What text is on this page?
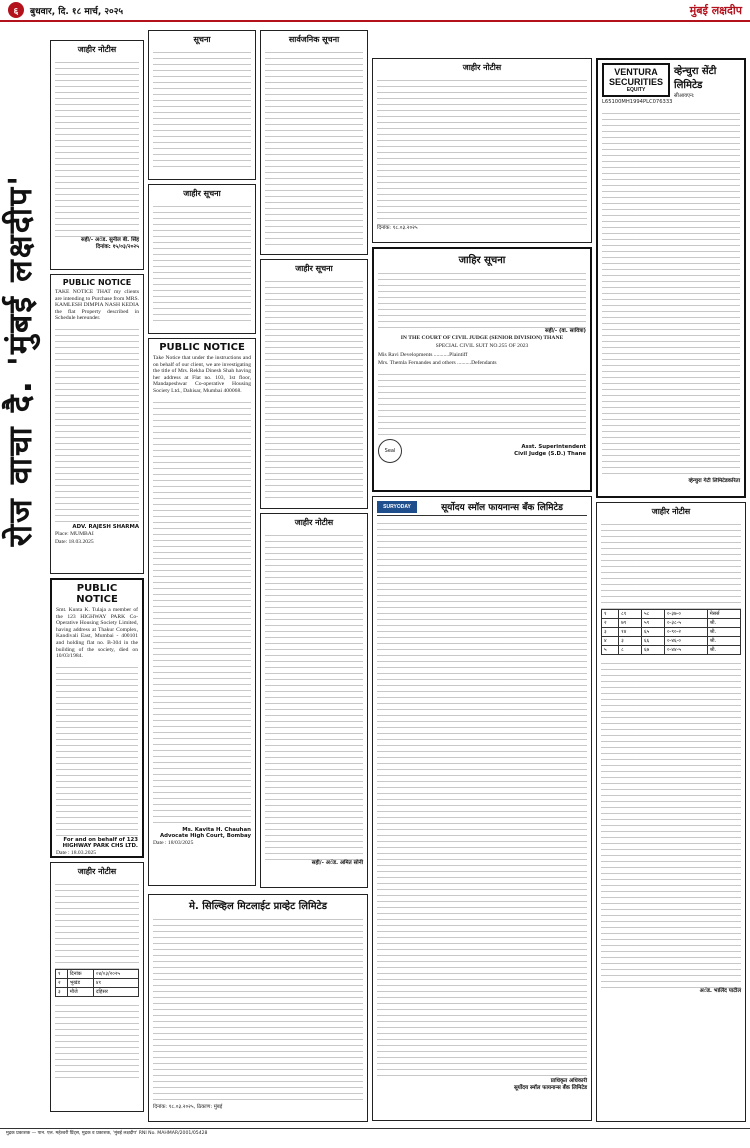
६	बुधवार, दि. १८ मार्च, २०२५	मुंबई लक्षदीप
रोज वाचा दै. 'मुंबई लक्षदीप'
जाहीर नोटीस
सही/- अॅड. सुनील बी. सिंह
दिनांक: १५/०३/२०२५
PUBLIC NOTICE

TAKE NOTICE THAT my clients are intending to Purchase from MRS. KAMLESH DIMPIA NASH KEDIA the flat Property described in Schedule hereunder.

ADV. RAJESH SHARMA
Place: MUMBAI
Date: 18.03.2025
PUBLIC NOTICE

Smt. Kunta K. Tulaja a member of the 123 HIGHWAY PARK Co-Operative Housing Society Limited, having address at Thakur Complex, Kandivali East, Mumbai - 400101 and holding flat no. B-304 in the building of the society, died on 10/03/1984.

For and on behalf of 123 HIGHWAY PARK CHS LTD.
Date : 18.03.2025
जाहीर नोटीस
१	दिनांक	०४/०३/२०२५
२	भूखंड	४१
३	मौजे	दहिसर
सूचना
जाहीर सूचना
PUBLIC NOTICE

Take Notice that under the instructions and on behalf of our client, we are investigating the title of Mrs. Rekha Dinesh Shah having her address at Flat no. 103, 1st floor, Mandapeshwar Co-operative Housing Society Ltd., Dahisar, Mumbai 400068.

Ms. Kavita H. Chauhan
Advocate High Court, Bombay
Date : 18/03/2025
सार्वजनिक सूचना
जाहीर सूचना
जाहीर नोटीस
सही/- अॅड. अमित सोनी
जाहीर नोटीस
दिनांक: १८.०३.२०२५
जाहिर सूचना
सही/- (वा. सावित्रा)
IN THE COURT OF CIVIL JUDGE (SENIOR DIVISION) THANE
SPECIAL CIVIL SUIT NO.255 OF 2023
Mis Ravi Developments ...........Plaintiff
Mrs. Themla Fernandes and others ..........Defendants
Seal
Asst. Superintendent
Civil Judge (S.D.) Thane
SURYODAY	सूर्योदय स्मॉल फायनान्स बँक लिमिटेड
प्राधिकृत अधिकारी
सूर्योदय स्मॉल फायनान्स बँक लिमिटेड
VENTURA
SECURITIES
EQUITY
व्हेन्चुरा सेंटी लिमिटेड
सीआयएन: L65100MH1994PLC076333
व्हेन्चुरा गेटी लिमिटेडकरिता
जाहीर नोटीस
१	८१	५८	०-३७-०	मेसर्स
२	७९	५९	०-३८-५	श्री.
३	१४	६५	०-९०-२	श्री.
४	३	६६	०-४६-०	श्री.
५	८	६७	०-४४-५	श्री.
अॅड. भालिंद पाटील
मे. सिल्व्हिल मिटलाईट प्राव्हेट लिमिटेड
दिनांक: १८.०३.२०२५, ठिकाण: मुंबई
मुद्रक प्रकाशक — पान. एल. महेश्वरी प्रिंट्स, मुद्रक व प्रकाशक, 'मुंबई लक्षदीप' RNI No. MAHMAR/2001/05428
